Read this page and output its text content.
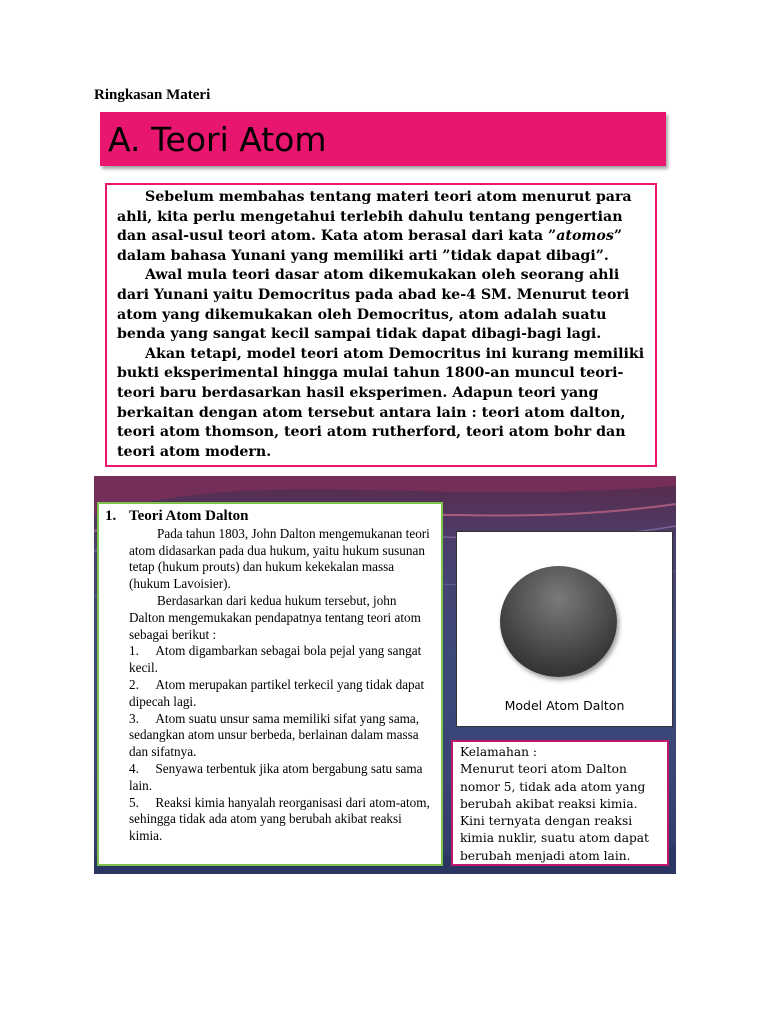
Ringkasan Materi
A. Teori Atom

Sebelum membahas tentang materi teori atom menurut para ahli, kita perlu mengetahui terlebih dahulu tentang pengertian dan asal-usul teori atom. Kata atom berasal dari kata ”atomos” dalam bahasa Yunani yang memiliki arti ”tidak dapat dibagi”.

Awal mula teori dasar atom dikemukakan oleh seorang ahli dari Yunani yaitu Democritus pada abad ke-4 SM. Menurut teori atom yang dikemukakan oleh Democritus, atom adalah suatu benda yang sangat kecil sampai tidak dapat dibagi-bagi lagi.

Akan tetapi, model teori atom Democritus ini kurang memiliki bukti eksperimental hingga mulai tahun 1800-an muncul teori-teori baru berdasarkan hasil eksperimen. Adapun teori yang berkaitan dengan atom tersebut antara lain : teori atom dalton, teori atom thomson, teori atom rutherford, teori atom bohr dan teori atom modern.

1. Teori Atom Dalton

Pada tahun 1803, John Dalton mengemukanan teori atom didasarkan pada dua hukum, yaitu hukum susunan tetap (hukum prouts) dan hukum kekekalan massa (hukum Lavoisier).

Berdasarkan dari kedua hukum tersebut, john Dalton mengemukakan pendapatnya tentang teori atom sebagai berikut :

1.  Atom digambarkan sebagai bola pejal yang sangat kecil.
2.  Atom merupakan partikel terkecil yang tidak dapat dipecah lagi.
3.  Atom suatu unsur sama memiliki sifat yang sama, sedangkan atom unsur berbeda, berlainan dalam massa dan sifatnya.
4.  Senyawa terbentuk jika atom bergabung satu sama lain.
5.  Reaksi kimia hanyalah reorganisasi dari atom-atom, sehingga tidak ada atom yang berubah akibat reaksi kimia.
Model Atom Dalton
Kelamahan :
Menurut teori atom Dalton nomor 5, tidak ada atom yang berubah akibat reaksi kimia. Kini ternyata dengan reaksi kimia nuklir, suatu atom dapat berubah menjadi atom lain.
